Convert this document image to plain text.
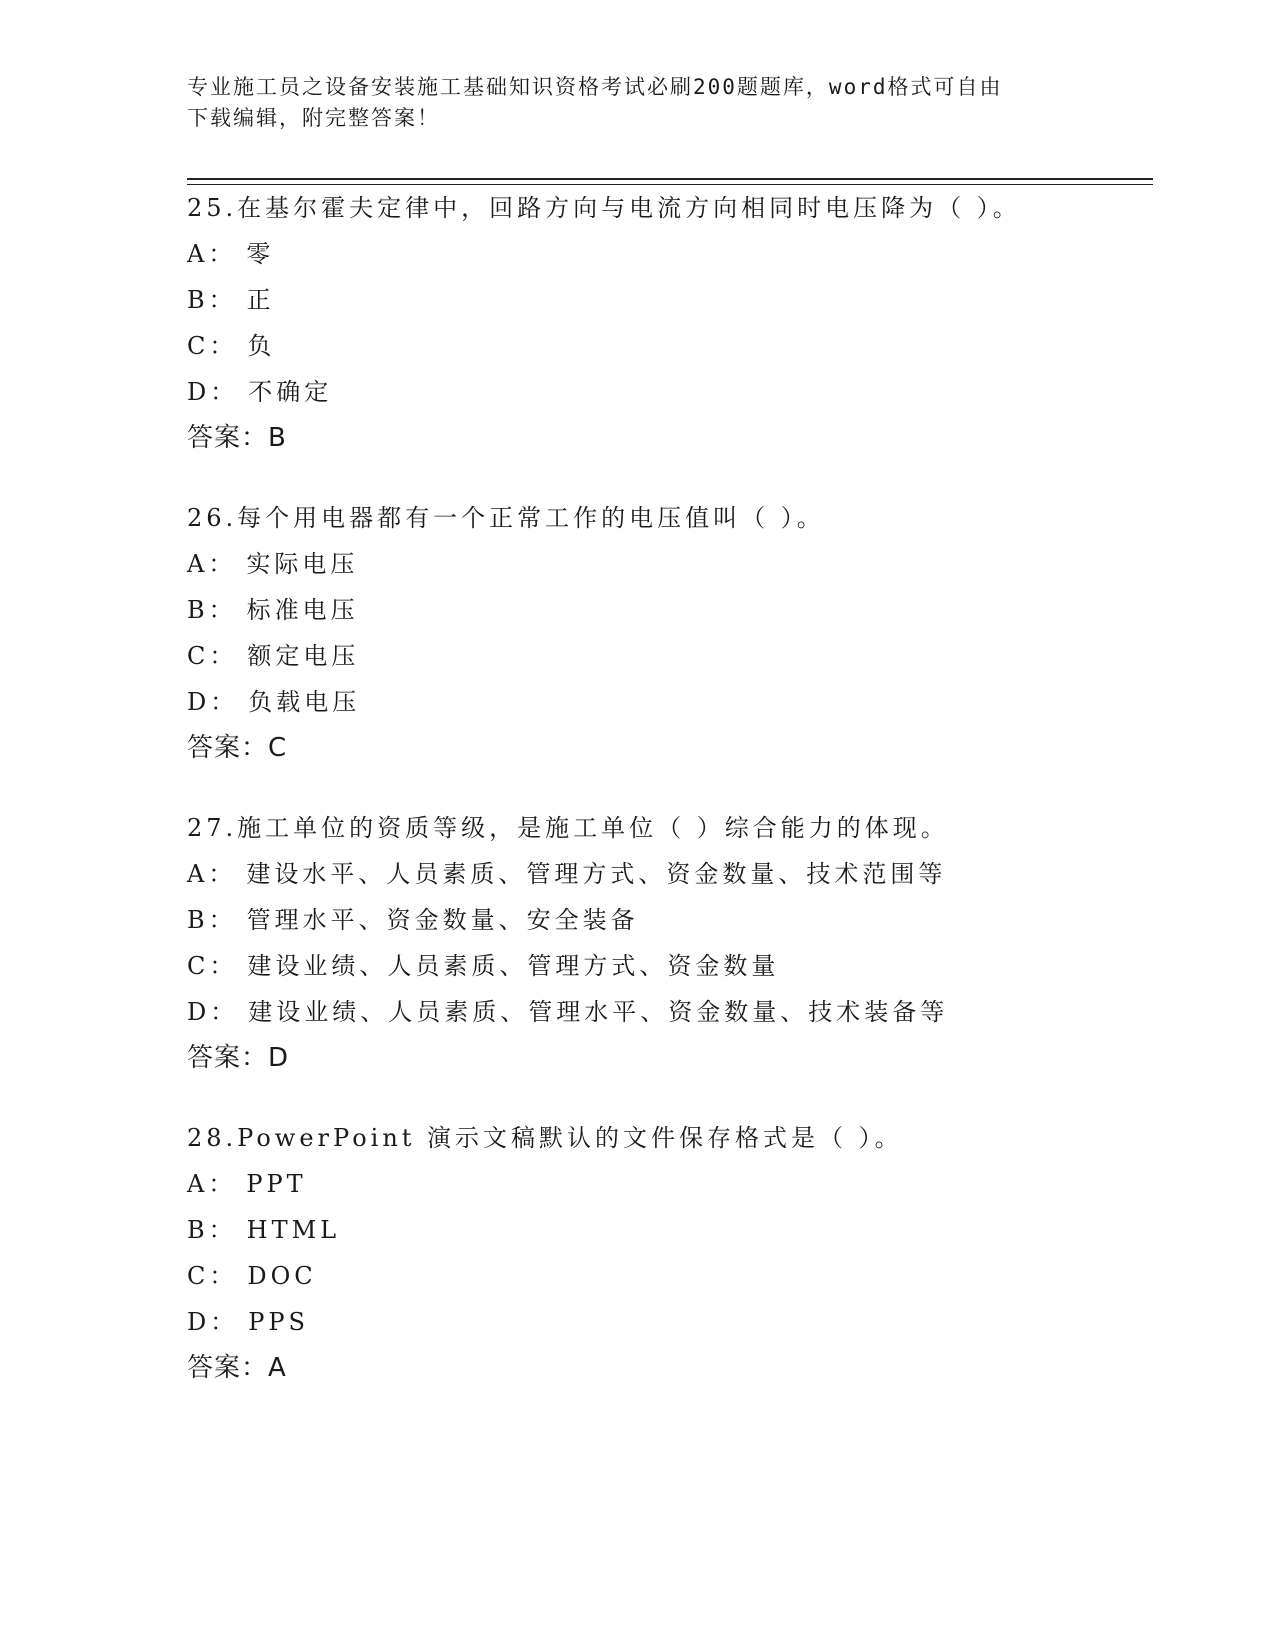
专业施工员之设备安装施工基础知识资格考试必刷200题题库，word格式可自由
下载编辑，附完整答案！
25.在基尔霍夫定律中，回路方向与电流方向相同时电压降为（ ）。
A： 零
B： 正
C： 负
D： 不确定
答案：B
26.每个用电器都有一个正常工作的电压值叫（ ）。
A： 实际电压
B： 标准电压
C： 额定电压
D： 负载电压
答案：C
27.施工单位的资质等级，是施工单位（ ）综合能力的体现。
A： 建设水平、人员素质、管理方式、资金数量、技术范围等
B： 管理水平、资金数量、安全装备
C： 建设业绩、人员素质、管理方式、资金数量
D： 建设业绩、人员素质、管理水平、资金数量、技术装备等
答案：D
28.PowerPoint 演示文稿默认的文件保存格式是（ ）。
A： PPT
B： HTML
C： DOC
D： PPS
答案：A
